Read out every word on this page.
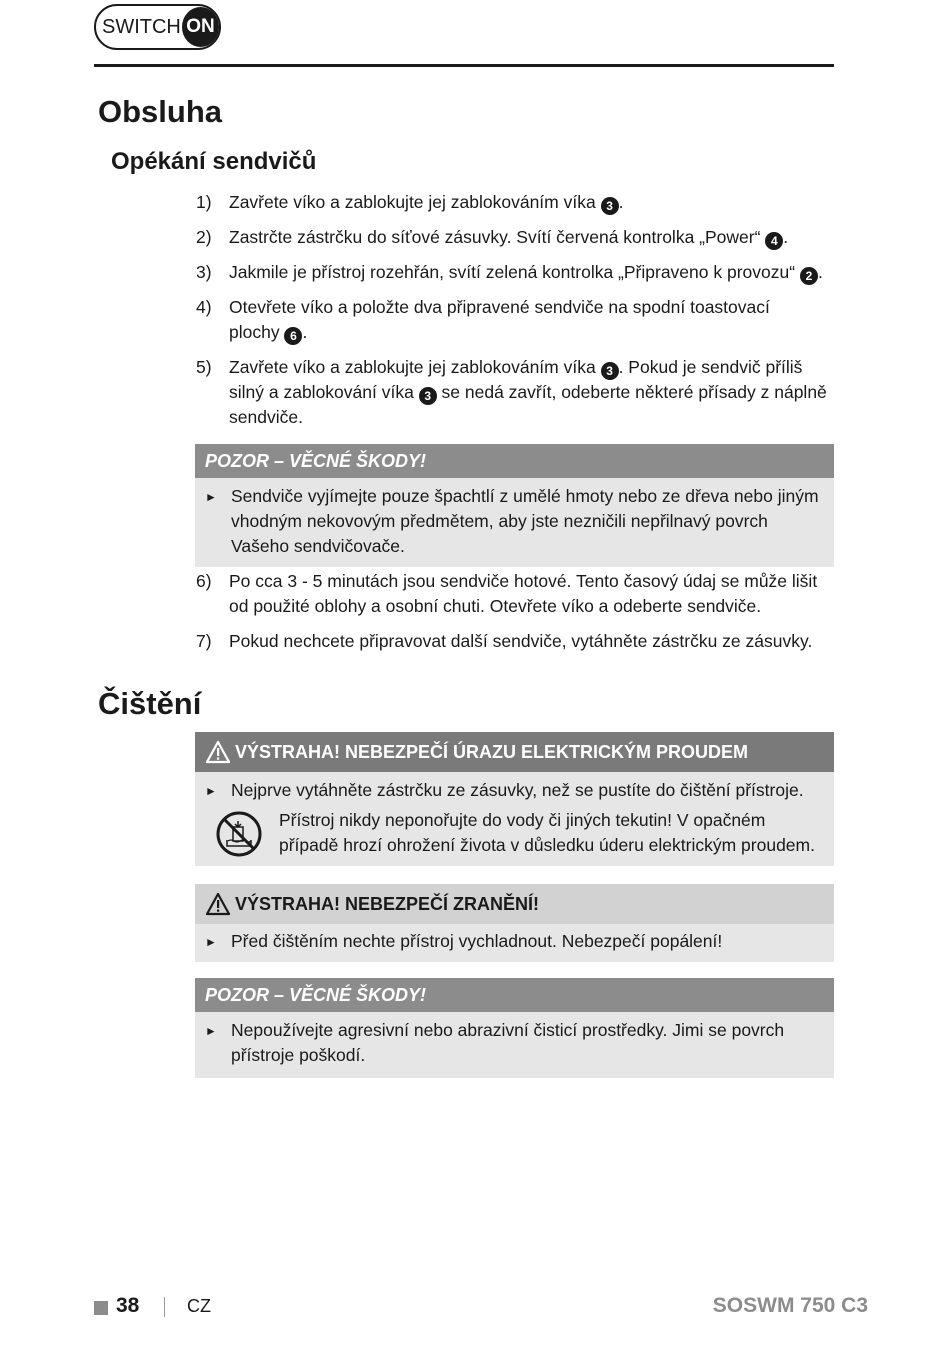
SWITCH ON
Obsluha
Opékání sendvičů
1) Zavřete víko a zablokujte jej zablokováním víka 3 .
2) Zastrčte zástrčku do síťové zásuvky. Svítí červená kontrolka „Power“ 4 .
3) Jakmile je přístroj rozehřán, svítí zelená kontrolka „Připraveno k provozu“ 2 .
4) Otevřete víko a položte dva připravené sendviče na spodní toastovací plochy 6 .
5) Zavřete víko a zablokujte jej zablokováním víka 3 . Pokud je sendvič příliš silný a zablokování víka 3 se nedá zavřít, odeberte některé přísady z náplně sendviče.
POZOR – VĚCNÉ ŠKODY!
► Sendviče vyjímejte pouze špachtlí z umělé hmoty nebo ze dřeva nebo jiným vhodným nekovovým předmětem, aby jste nezničili nepřilnavý povrch Vašeho sendvičovače.
6) Po cca 3 - 5 minutách jsou sendviče hotové. Tento časový údaj se může lišit od použité oblohy a osobní chuti. Otevřete víko a odeberte sendviče.
7) Pokud nechcete připravovat další sendviče, vytáhněte zástrčku ze zásuvky.
Čištění
VÝSTRAHA! NEBEZPEČÍ ÚRAZU ELEKTRICKÝM PROUDEM
► Nejprve vytáhněte zástrčku ze zásuvky, než se pustíte do čištění přístroje.
Přístroj nikdy neponořujte do vody či jiných tekutin! V opačném případě hrozí ohrožení života v důsledku úderu elektrickým proudem.
VÝSTRAHA! NEBEZPEČÍ ZRANĚNÍ!
► Před čištěním nechte přístroj vychladnout. Nebezpečí popálení!
POZOR – VĚCNÉ ŠKODY!
► Nepoužívejte agresivní nebo abrazivní čisticí prostředky. Jimi se povrch přístroje poškodí.
38	CZ	SOSWM 750 C3
